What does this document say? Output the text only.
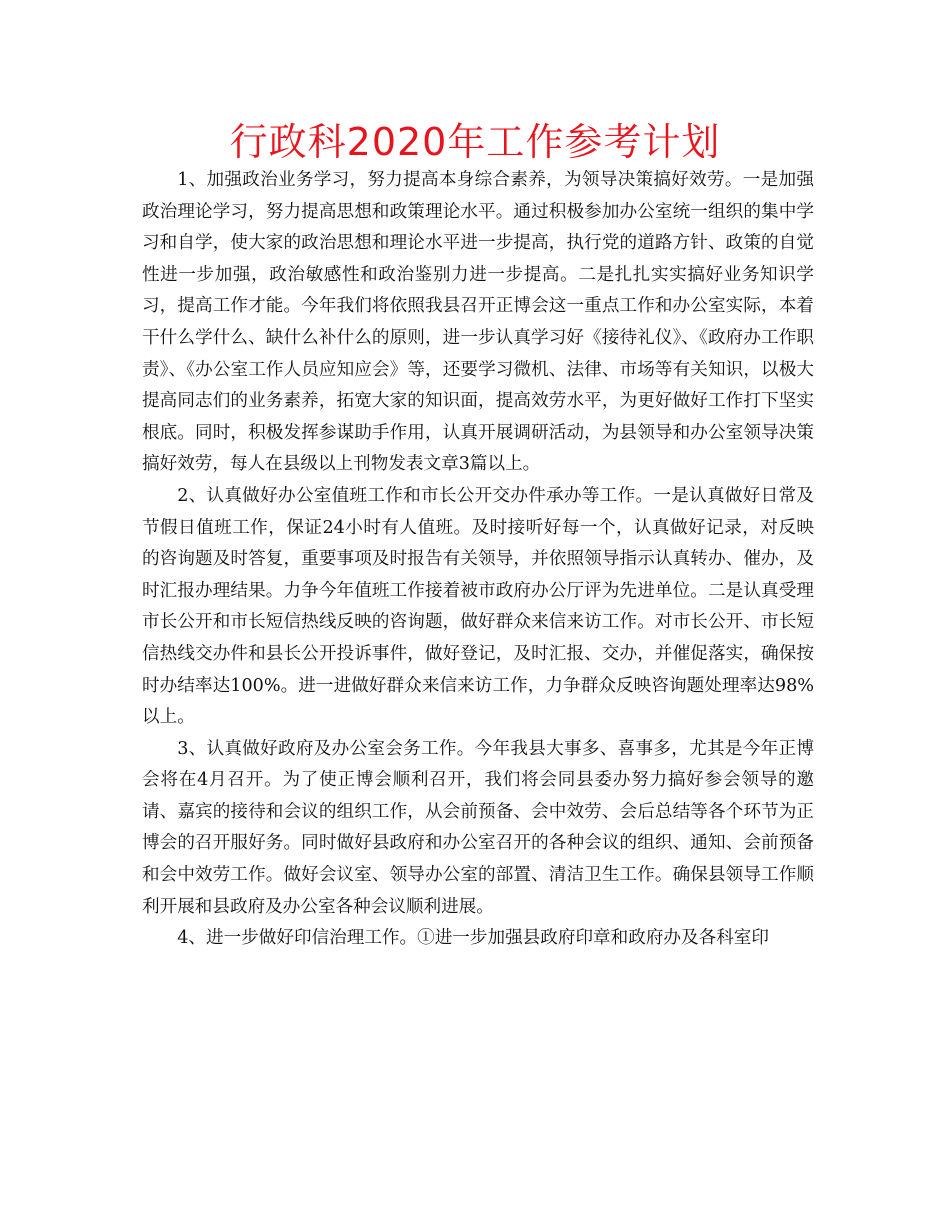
行政科2020年工作参考计划

1、加强政治业务学习，努力提高本身综合素养，为领导决策搞好效劳。一是加强政治理论学习，努力提高思想和政策理论水平。通过积极参加办公室统一组织的集中学习和自学，使大家的政治思想和理论水平进一步提高，执行党的道路方针、政策的自觉性进一步加强，政治敏感性和政治鉴别力进一步提高。二是扎扎实实搞好业务知识学习，提高工作才能。今年我们将依照我县召开正博会这一重点工作和办公室实际，本着干什么学什么、缺什么补什么的原则，进一步认真学习好《接待礼仪》、《政府办工作职责》、《办公室工作人员应知应会》等，还要学习微机、法律、市场等有关知识，以极大提高同志们的业务素养，拓宽大家的知识面，提高效劳水平，为更好做好工作打下坚实根底。同时，积极发挥参谋助手作用，认真开展调研活动，为县领导和办公室领导决策搞好效劳，每人在县级以上刊物发表文章3篇以上。

2、认真做好办公室值班工作和市长公开交办件承办等工作。一是认真做好日常及节假日值班工作，保证24小时有人值班。及时接听好每一个，认真做好记录，对反映的咨询题及时答复，重要事项及时报告有关领导，并依照领导指示认真转办、催办，及时汇报办理结果。力争今年值班工作接着被市政府办公厅评为先进单位。二是认真受理市长公开和市长短信热线反映的咨询题，做好群众来信来访工作。对市长公开、市长短信热线交办件和县长公开投诉事件，做好登记，及时汇报、交办，并催促落实，确保按时办结率达100%。进一进做好群众来信来访工作，力争群众反映咨询题处理率达98%以上。

3、认真做好政府及办公室会务工作。今年我县大事多、喜事多，尤其是今年正博会将在4月召开。为了使正博会顺利召开，我们将会同县委办努力搞好参会领导的邀请、嘉宾的接待和会议的组织工作，从会前预备、会中效劳、会后总结等各个环节为正博会的召开服好务。同时做好县政府和办公室召开的各种会议的组织、通知、会前预备和会中效劳工作。做好会议室、领导办公室的部置、清洁卫生工作。确保县领导工作顺利开展和县政府及办公室各种会议顺利进展。

4、进一步做好印信治理工作。①进一步加强县政府印章和政府办及各科室印
